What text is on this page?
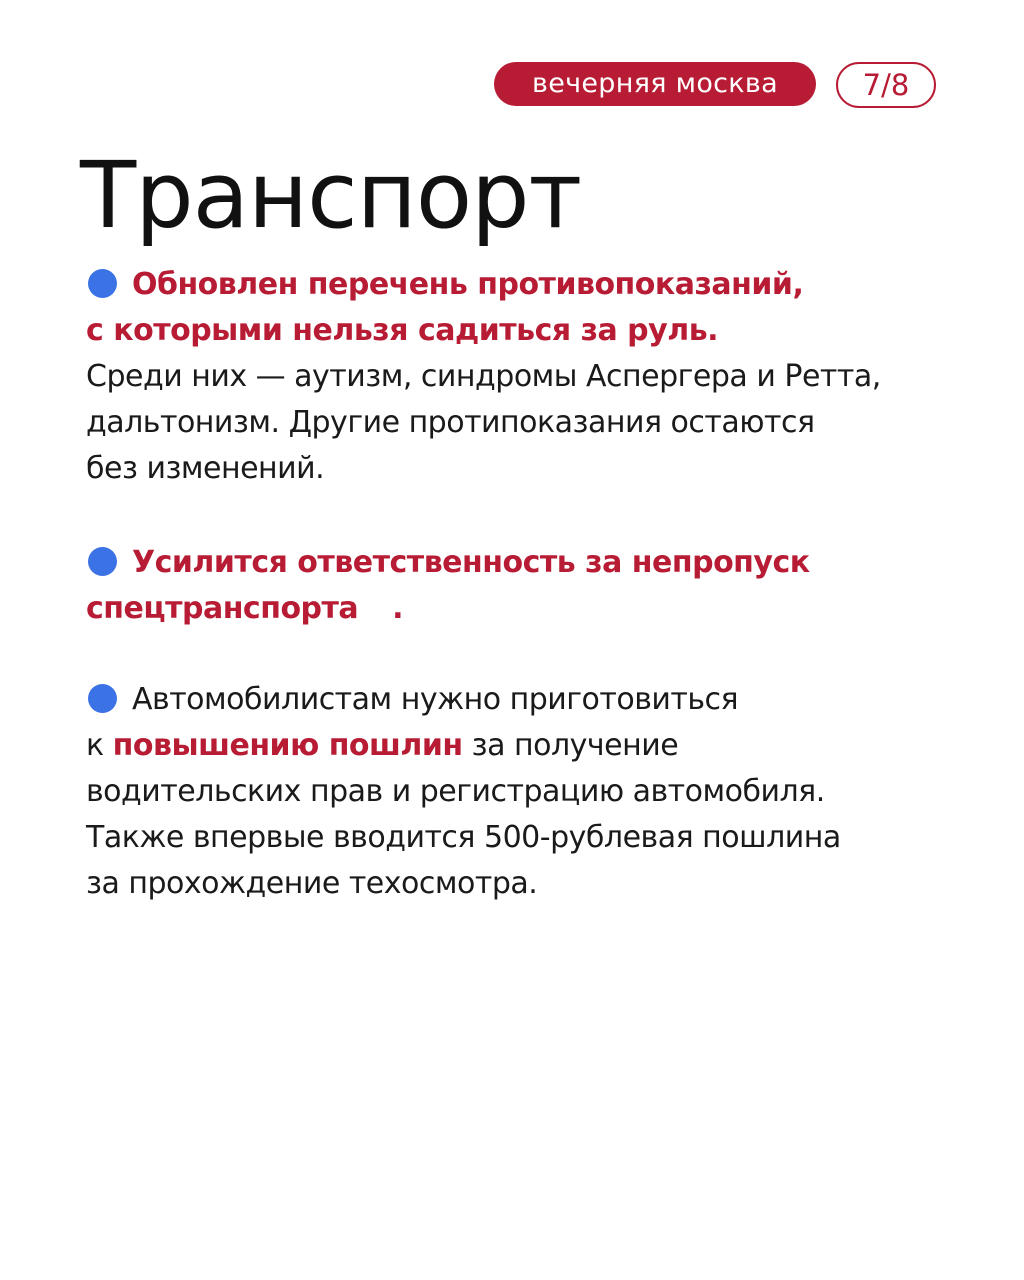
вечерняя москва	7/8
Транспорт
Обновлен перечень противопоказаний,
с которыми нельзя садиться за руль.
Среди них — аутизм, синдромы Аспергера и Ретта,
дальтонизм. Другие протипоказания остаются
без изменений.
Усилится ответственность за непропуск
спецтранспорта .
Автомобилистам нужно приготовиться
к повышению пошлин за получение
водительских прав и регистрацию автомобиля.
Также впервые вводится 500-рублевая пошлина
за прохождение техосмотра.
